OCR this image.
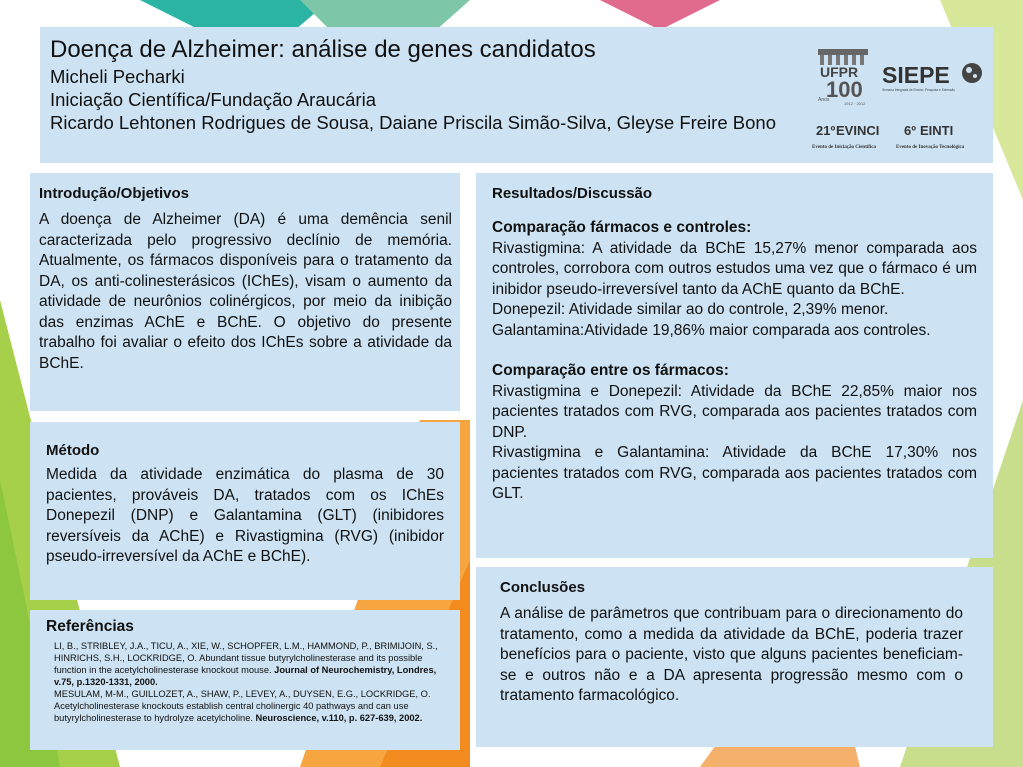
Doença de Alzheimer: análise de genes candidatos
Micheli Pecharki
Iniciação Científica/Fundação Araucária
Ricardo Lehtonen Rodrigues de Sousa, Daiane Priscila Simão-Silva, Gleyse Freire Bono
UFPR
100
Anos
1912 · 2012
SIEPE
Semana Integrada de Ensino, Pesquisa e Extensão
21º EVINCI 6º EINTI
Evento de Iniciação Científica	Evento de Inovação Tecnológica
Introdução/Objetivos
A doença de Alzheimer (DA) é uma demência senil caracterizada pelo progressivo declínio de memória. Atualmente, os fármacos disponíveis para o tratamento da DA, os anti-colinesterásicos (IChEs), visam o aumento da atividade de neurônios colinérgicos, por meio da inibição das enzimas AChE e BChE. O objetivo do presente trabalho foi avaliar o efeito dos IChEs sobre a atividade da BChE.
Método
Medida da atividade enzimática do plasma de 30 pacientes, prováveis DA, tratados com os IChEs Donepezil (DNP) e Galantamina (GLT) (inibidores reversíveis da AChE) e Rivastigmina (RVG) (inibidor pseudo-irreversível da AChE e BChE).
Referências
LI, B., STRIBLEY, J.A., TICU, A., XIE, W., SCHOPFER, L.M., HAMMOND, P., BRIMIJOIN, S., HINRICHS, S.H., LOCKRIDGE, O. Abundant tissue butyrylcholinesterase and its possible function in the acetylcholinesterase knockout mouse. Journal of Neurochemistry, Londres, v.75, p.1320-1331, 2000.
MESULAM, M-M., GUILLOZET, A., SHAW, P., LEVEY, A., DUYSEN, E.G., LOCKRIDGE, O. Acetylcholinesterase knockouts establish central cholinergic 40 pathways and can use butyrylcholinesterase to hydrolyze acetylcholine. Neuroscience, v.110, p. 627-639, 2002.
Resultados/Discussão
Comparação fármacos e controles:
Rivastigmina: A atividade da BChE 15,27% menor comparada aos controles, corrobora com outros estudos uma vez que o fármaco é um inibidor pseudo-irreversível tanto da AChE quanto da BChE.
Donepezil: Atividade similar ao do controle, 2,39% menor.
Galantamina:Atividade 19,86% maior comparada aos controles.
Comparação entre os fármacos:
Rivastigmina e Donepezil: Atividade da BChE 22,85% maior nos pacientes tratados com RVG, comparada aos pacientes tratados com DNP.
Rivastigmina e Galantamina: Atividade da BChE 17,30% nos pacientes tratados com RVG, comparada aos pacientes tratados com GLT.
Conclusões
A análise de parâmetros que contribuam para o direcionamento do tratamento, como a medida da atividade da BChE, poderia trazer benefícios para o paciente, visto que alguns pacientes beneficiam-se e outros não e a DA apresenta progressão mesmo com o tratamento farmacológico.
